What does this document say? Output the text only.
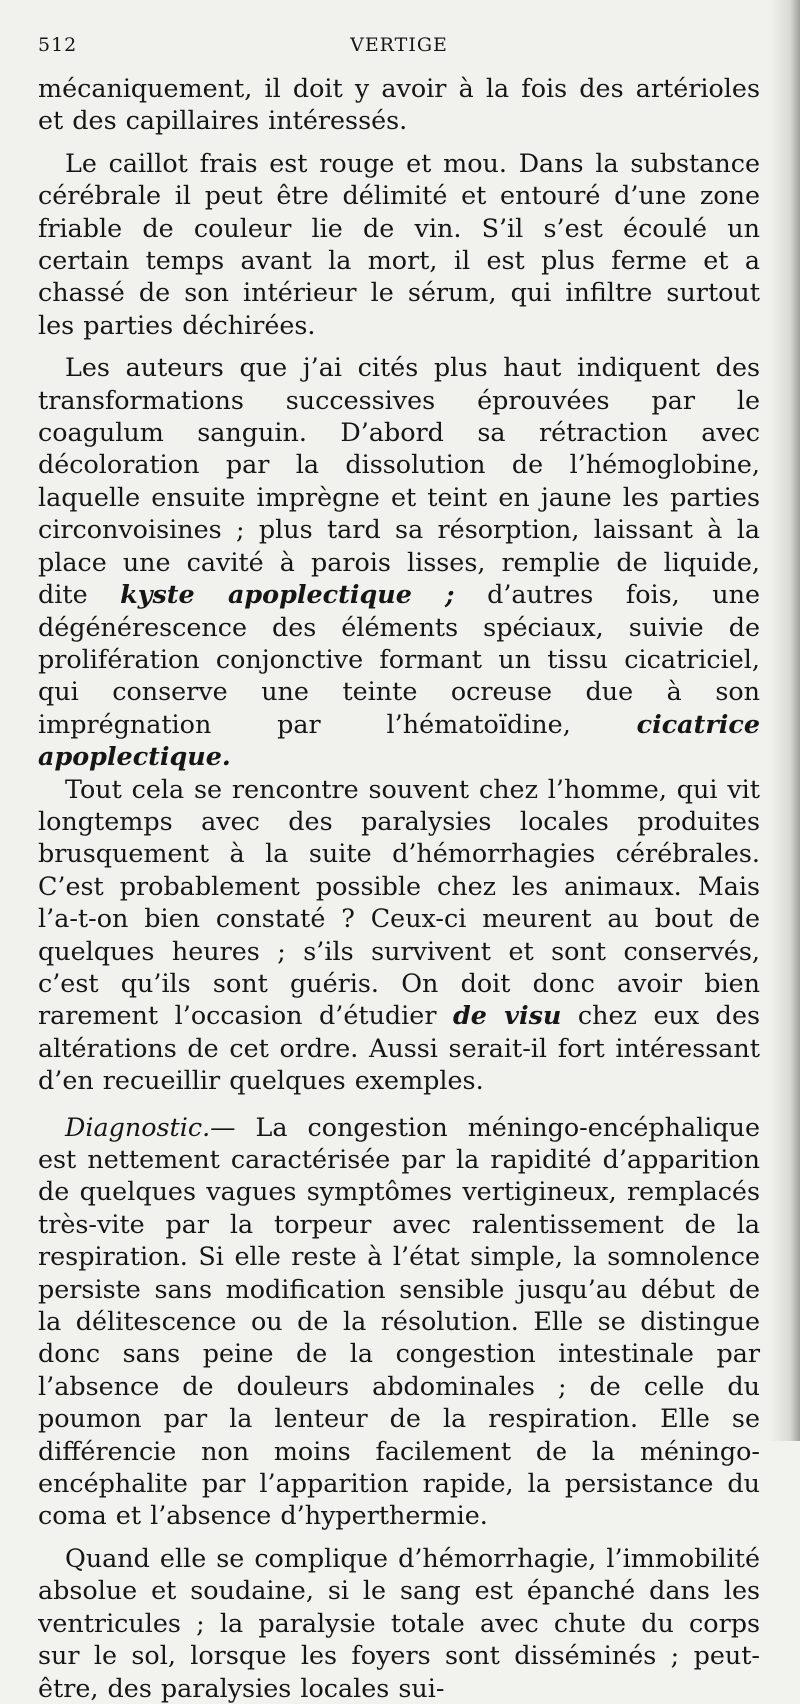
512	VERTIGE

mécaniquement, il doit y avoir à la fois des artérioles et des capillaires intéressés.

Le caillot frais est rouge et mou. Dans la substance cérébrale il peut être délimité et entouré d’une zone friable de couleur lie de vin. S’il s’est écoulé un certain temps avant la mort, il est plus ferme et a chassé de son intérieur le sérum, qui infiltre surtout les parties déchirées.

Les auteurs que j’ai cités plus haut indiquent des transformations successives éprouvées par le coagulum sanguin. D’abord sa rétraction avec décoloration par la dissolution de l’hémoglobine, laquelle ensuite imprègne et teint en jaune les parties circonvoisines ; plus tard sa résorption, laissant à la place une cavité à parois lisses, remplie de liquide, dite kyste apoplectique ; d’autres fois, une dégénérescence des éléments spéciaux, suivie de prolifération conjonctive formant un tissu cicatriciel, qui conserve une teinte ocreuse due à son imprégnation par l’hématoïdine, cicatrice apoplectique.

Tout cela se rencontre souvent chez l’homme, qui vit longtemps avec des paralysies locales produites brusquement à la suite d’hémorrhagies cérébrales. C’est probablement possible chez les animaux. Mais l’a-t-on bien constaté ? Ceux-ci meurent au bout de quelques heures ; s’ils survivent et sont conservés, c’est qu’ils sont guéris. On doit donc avoir bien rarement l’occasion d’étudier de visu chez eux des altérations de cet ordre. Aussi serait-il fort intéressant d’en recueillir quelques exemples.

Diagnostic.— La congestion méningo-encéphalique est nettement caractérisée par la rapidité d’apparition de quelques vagues symptômes vertigineux, remplacés très-vite par la torpeur avec ralentissement de la respiration. Si elle reste à l’état simple, la somnolence persiste sans modification sensible jusqu’au début de la délitescence ou de la résolution. Elle se distingue donc sans peine de la congestion intestinale par l’absence de douleurs abdominales ; de celle du poumon par la lenteur de la respiration. Elle se différencie non moins facilement de la méningo-encéphalite par l’apparition rapide, la persistance du coma et l’absence d’hyperthermie.

Quand elle se complique d’hémorrhagie, l’immobilité absolue et soudaine, si le sang est épanché dans les ventricules ; la paralysie totale avec chute du corps sur le sol, lorsque les foyers sont disséminés ; peut-être, des paralysies locales sui-
